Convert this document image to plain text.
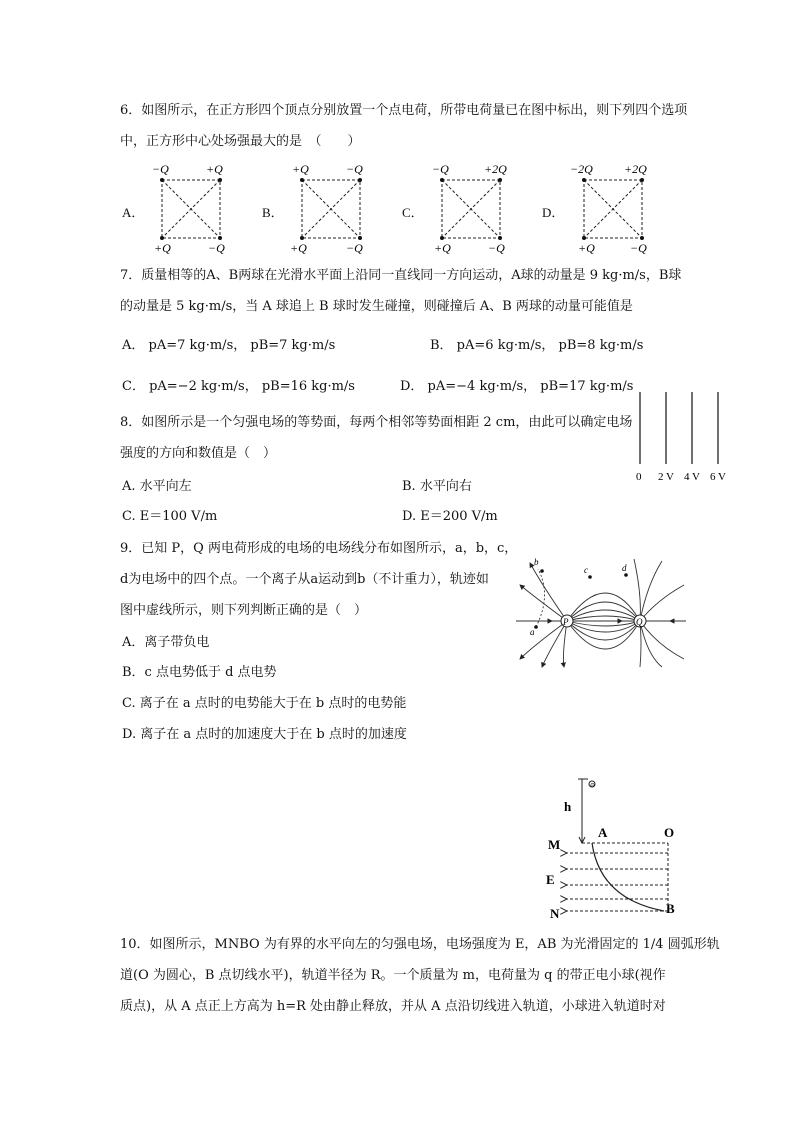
6．如图所示，在正方形四个顶点分别放置一个点电荷，所带电荷量已在图中标出，则下列四个选项
中，正方形中心处场强最大的是　（　　）
A．	B．	C．	D．
−Q	+Q
+Q	−Q
+Q	−Q
+Q	−Q
−Q	+2Q
+Q	−Q
−2Q	+2Q
+Q	−Q
7．质量相等的A、B两球在光滑水平面上沿同一直线同一方向运动，A球的动量是 9 kg·m/s，B球
的动量是 5 kg·m/s，当 A 球追上 B 球时发生碰撞，则碰撞后 A、B 两球的动量可能值是
A． pA=7 kg·m/s， pB=7 kg·m/s	B． pA=6 kg·m/s， pB=8 kg·m/s
C． pA=−2 kg·m/s， pB=16 kg·m/s	D． pA=−4 kg·m/s， pB=17 kg·m/s
8．如图所示是一个匀强电场的等势面，每两个相邻等势面相距 2 cm，由此可以确定电场
强度的方向和数值是（　）
A. 水平向左	B. 水平向右
C. E＝100 V/m	D. E＝200 V/m
0 2 V 4 V 6 V
9．已知 P，Q 两电荷形成的电场的电场线分布如图所示，a，b，c，
d为电场中的四个点。一个离子从a运动到b（不计重力），轨迹如
图中虚线所示，则下列判断正确的是（　）
A．离子带负电
B．c 点电势低于 d 点电势
C. 离子在 a 点时的电势能大于在 b 点时的电势能
D. 离子在 a 点时的加速度大于在 b 点时的加速度
P	Q
a
b
c	d
⊖
h
A	O
M
E
N	B
10．如图所示，MNBO 为有界的水平向左的匀强电场，电场强度为 E，AB 为光滑固定的 1/4 圆弧形轨
道(O 为圆心，B 点切线水平)，轨道半径为 R。一个质量为 m，电荷量为 q 的带正电小球(视作
质点)，从 A 点正上方高为 h=R 处由静止释放，并从 A 点沿切线进入轨道，小球进入轨道时对
